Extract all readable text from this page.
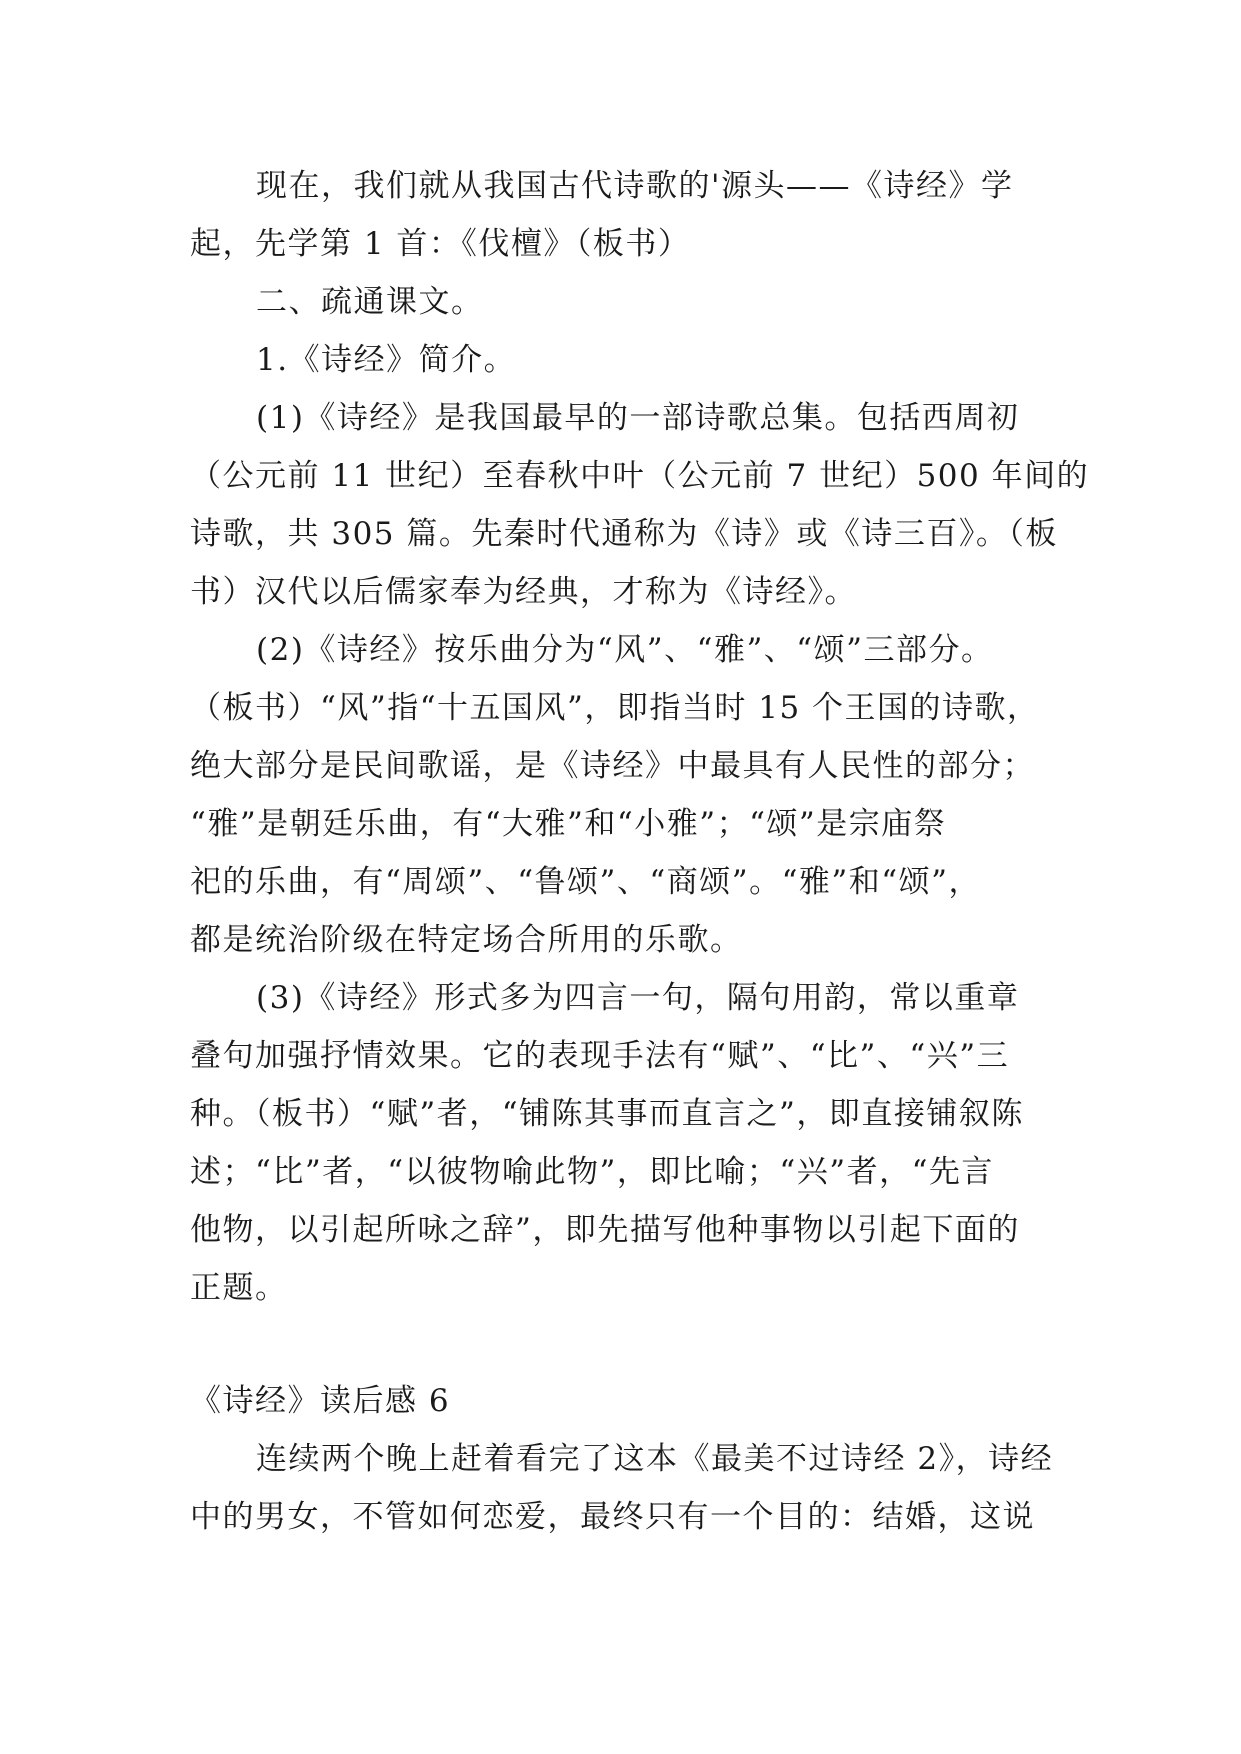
现在，我们就从我国古代诗歌的'源头——《诗经》学
起，先学第 1 首：《伐檀》（板书）
二、疏通课文。
1.《诗经》简介。
(1)《诗经》是我国最早的一部诗歌总集。包括西周初
（公元前 11 世纪）至春秋中叶（公元前 7 世纪）500 年间的
诗歌，共 305 篇。先秦时代通称为《诗》或《诗三百》。（板
书）汉代以后儒家奉为经典，才称为《诗经》。
(2)《诗经》按乐曲分为“风”、“雅”、“颂”三部分。
（板书）“风”指“十五国风”，即指当时 15 个王国的诗歌，
绝大部分是民间歌谣，是《诗经》中最具有人民性的部分；
“雅”是朝廷乐曲，有“大雅”和“小雅”；“颂”是宗庙祭
祀的乐曲，有“周颂”、“鲁颂”、“商颂”。“雅”和“颂”，
都是统治阶级在特定场合所用的乐歌。
(3)《诗经》形式多为四言一句，隔句用韵，常以重章
叠句加强抒情效果。它的表现手法有“赋”、“比”、“兴”三
种。（板书）“赋”者，“铺陈其事而直言之”，即直接铺叙陈
述；“比”者，“以彼物喻此物”，即比喻；“兴”者，“先言
他物，以引起所咏之辞”，即先描写他种事物以引起下面的
正题。
《诗经》读后感 6
连续两个晚上赶着看完了这本《最美不过诗经 2》，诗经
中的男女，不管如何恋爱，最终只有一个目的：结婚，这说
